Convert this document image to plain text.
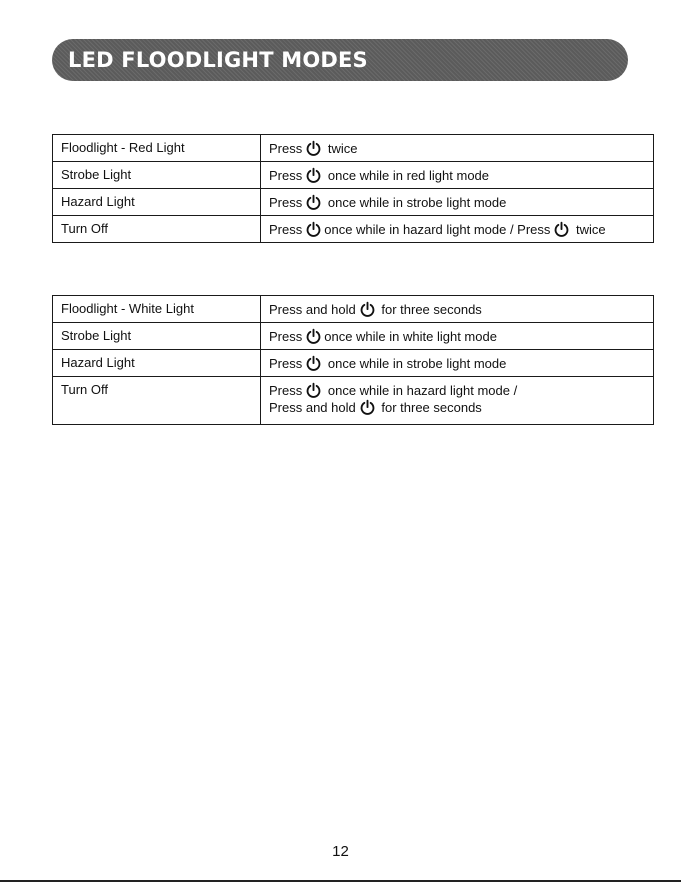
LED FLOODLIGHT MODES
Floodlight - Red Light	Press twice
Strobe Light	Press once while in red light mode
Hazard Light	Press once while in strobe light mode
Turn Off	Press once while in hazard light mode / Press twice
Floodlight - White Light	Press and hold for three seconds
Strobe Light	Press once while in white light mode
Hazard Light	Press once while in strobe light mode
Turn Off	Press once while in hazard light mode /
Press and hold for three seconds
12
